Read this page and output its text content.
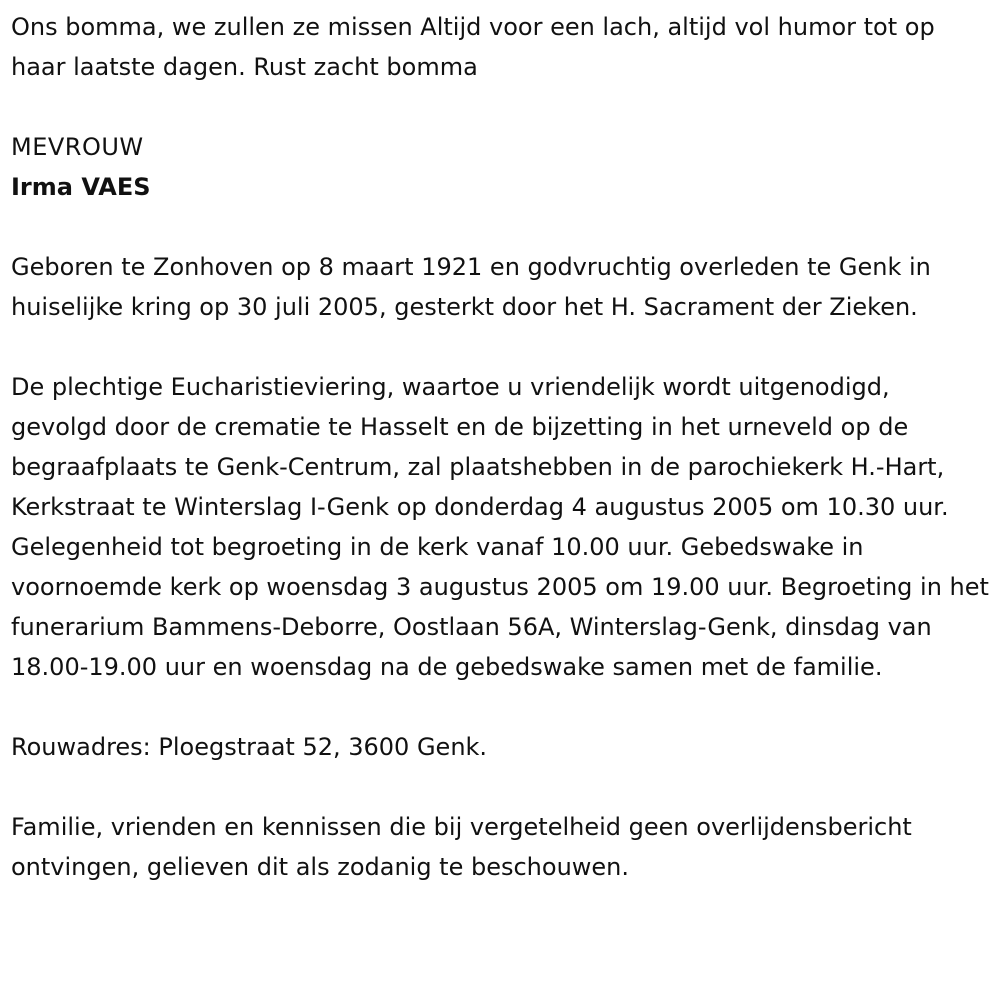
Ons bomma, we zullen ze missen Altijd voor een lach, altijd vol humor tot op haar laatste dagen. Rust zacht bomma

MEVROUW

Irma VAES

Geboren te Zonhoven op 8 maart 1921 en godvruchtig overleden te Genk in huiselijke kring op 30 juli 2005, gesterkt door het H. Sacrament der Zieken.

De plechtige Eucharistieviering, waartoe u vriendelijk wordt uitgenodigd, gevolgd door de crematie te Hasselt en de bijzetting in het urneveld op de begraafplaats te Genk-Centrum, zal plaatshebben in de parochiekerk H.-Hart, Kerkstraat te Winterslag I-Genk op donderdag 4 augustus 2005 om 10.30 uur. Gelegenheid tot begroeting in de kerk vanaf 10.00 uur. Gebedswake in voornoemde kerk op woensdag 3 augustus 2005 om 19.00 uur. Begroeting in het funerarium Bammens-Deborre, Oostlaan 56A, Winterslag-Genk, dinsdag van 18.00-19.00 uur en woensdag na de gebedswake samen met de familie.

Rouwadres: Ploegstraat 52, 3600 Genk.

Familie, vrienden en kennissen die bij vergetelheid geen overlijdensbericht ontvingen, gelieven dit als zodanig te beschouwen.
